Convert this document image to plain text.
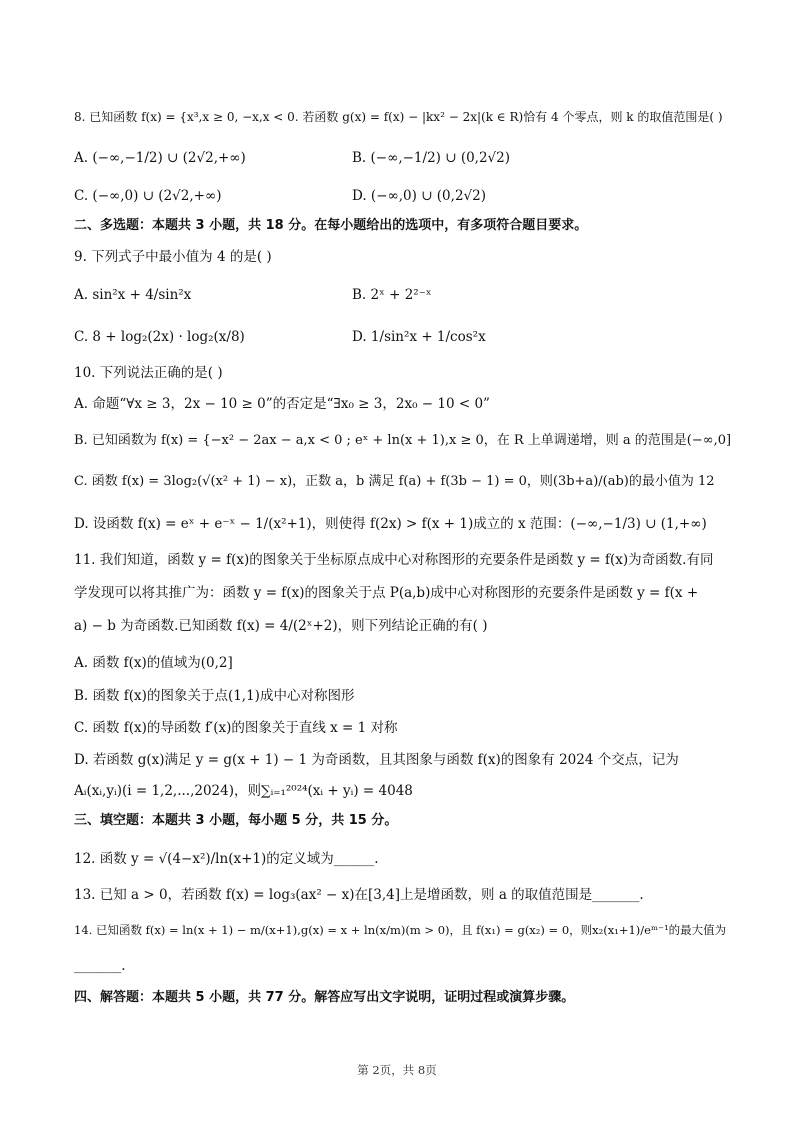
8. 已知函数 f(x) = {x³,x ≥ 0, −x,x < 0. 若函数 g(x) = f(x) − |kx² − 2x|(k ∈ R)恰有 4 个零点，则 k 的取值范围是( )
A. (−∞,−1/2) ∪ (2√2,+∞)	B. (−∞,−1/2) ∪ (0,2√2)
C. (−∞,0) ∪ (2√2,+∞)	D. (−∞,0) ∪ (0,2√2)
二、多选题：本题共 3 小题，共 18 分。在每小题给出的选项中，有多项符合题目要求。
9. 下列式子中最小值为 4 的是( )
A. sin²x + 4/sin²x	B. 2ˣ + 2²⁻ˣ
C. 8 + log₂(2x) · log₂(x/8)	D. 1/sin²x + 1/cos²x
10. 下列说法正确的是( )
A. 命题“∀x ≥ 3，2x − 10 ≥ 0”的否定是“∃x₀ ≥ 3，2x₀ − 10 < 0”
B. 已知函数为 f(x) = {−x² − 2ax − a,x < 0 ; eˣ + ln(x + 1),x ≥ 0，在 R 上单调递增，则 a 的范围是(−∞,0]
C. 函数 f(x) = 3log₂(√(x² + 1) − x)，正数 a，b 满足 f(a) + f(3b − 1) = 0，则(3b+a)/(ab)的最小值为 12
D. 设函数 f(x) = eˣ + e⁻ˣ − 1/(x²+1)，则使得 f(2x) > f(x + 1)成立的 x 范围：(−∞,−1/3) ∪ (1,+∞)
11. 我们知道，函数 y = f(x)的图象关于坐标原点成中心对称图形的充要条件是函数 y = f(x)为奇函数.有同
学发现可以将其推广为：函数 y = f(x)的图象关于点 P(a,b)成中心对称图形的充要条件是函数 y = f(x +
a) − b 为奇函数.已知函数 f(x) = 4/(2ˣ+2)，则下列结论正确的有( )
A. 函数 f(x)的值域为(0,2]
B. 函数 f(x)的图象关于点(1,1)成中心对称图形
C. 函数 f(x)的导函数 f′(x)的图象关于直线 x = 1 对称
D. 若函数 g(x)满足 y = g(x + 1) − 1 为奇函数，且其图象与函数 f(x)的图象有 2024 个交点，记为
Aᵢ(xᵢ,yᵢ)(i = 1,2,...,2024)，则∑ᵢ₌₁²⁰²⁴(xᵢ + yᵢ) = 4048
三、填空题：本题共 3 小题，每小题 5 分，共 15 分。
12. 函数 y = √(4−x²)/ln(x+1)的定义域为______.
13. 已知 a > 0，若函数 f(x) = log₃(ax² − x)在[3,4]上是增函数，则 a 的取值范围是_______.
14. 已知函数 f(x) = ln(x + 1) − m/(x+1),g(x) = x + ln(x/m)(m > 0)，且 f(x₁) = g(x₂) = 0，则x₂(x₁+1)/eᵐ⁻¹的最大值为
_______.
四、解答题：本题共 5 小题，共 77 分。解答应写出文字说明，证明过程或演算步骤。
第 2页，共 8页
